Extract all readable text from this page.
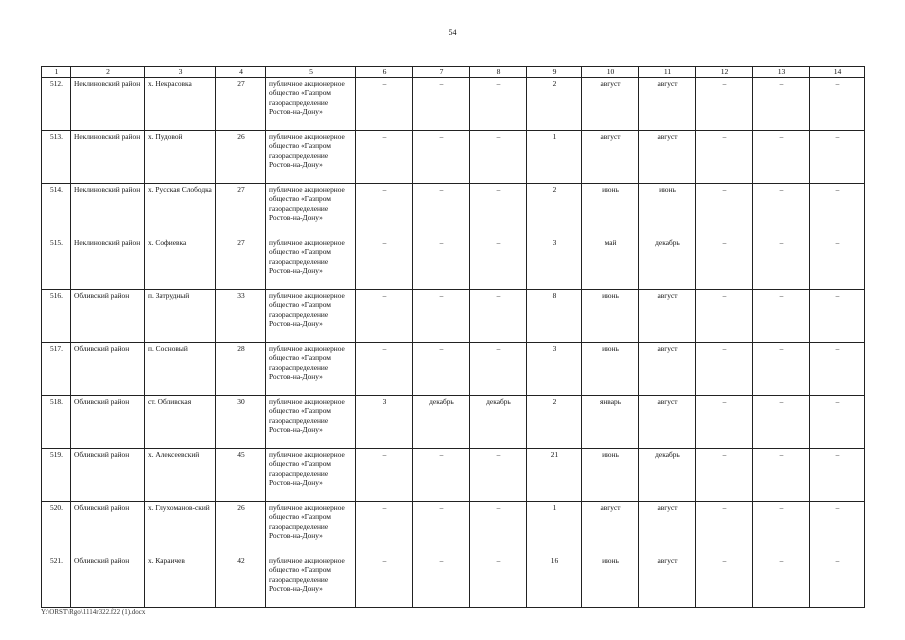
54
1	2	3	4	5	6	7	8	9	10	11	12	13	14
512.	Неклиновский район	х. Некрасовка	27	публичное акционерное общество «Газпром газораспределение Ростов-на-Дону»	–	–	–	2	август	август	–	–	–
513.	Неклиновский район	х. Пудовой	26	публичное акционерное общество «Газпром газораспределение Ростов-на-Дону»	–	–	–	1	август	август	–	–	–
514.	Неклиновский район	х. Русская Слободка	27	публичное акционерное общество «Газпром газораспределение Ростов-на-Дону»	–	–	–	2	июнь	июнь	–	–	–
515.	Неклиновский район	х. Софиевка	27	публичное акционерное общество «Газпром газораспределение Ростов-на-Дону»	–	–	–	3	май	декабрь	–	–	–
516.	Обливский район	п. Затрудный	33	публичное акционерное общество «Газпром газораспределение Ростов-на-Дону»	–	–	–	8	июнь	август	–	–	–
517.	Обливский район	п. Сосновый	28	публичное акционерное общество «Газпром газораспределение Ростов-на-Дону»	–	–	–	3	июнь	август	–	–	–
518.	Обливский район	ст. Обливская	30	публичное акционерное общество «Газпром газораспределение Ростов-на-Дону»	3	декабрь	декабрь	2	январь	август	–	–	–
519.	Обливский район	х. Алексеевский	45	публичное акционерное общество «Газпром газораспределение Ростов-на-Дону»	–	–	–	21	июнь	декабрь	–	–	–
520.	Обливский район	х. Глухоманов-ский	26	публичное акционерное общество «Газпром газораспределение Ростов-на-Дону»	–	–	–	1	август	август	–	–	–
521.	Обливский район	х. Караичев	42	публичное акционерное общество «Газпром газораспределение Ростов-на-Дону»	–	–	–	16	июнь	август	–	–	–
Y:\ORST\Rgo\1114r322.f22 (1).docx
